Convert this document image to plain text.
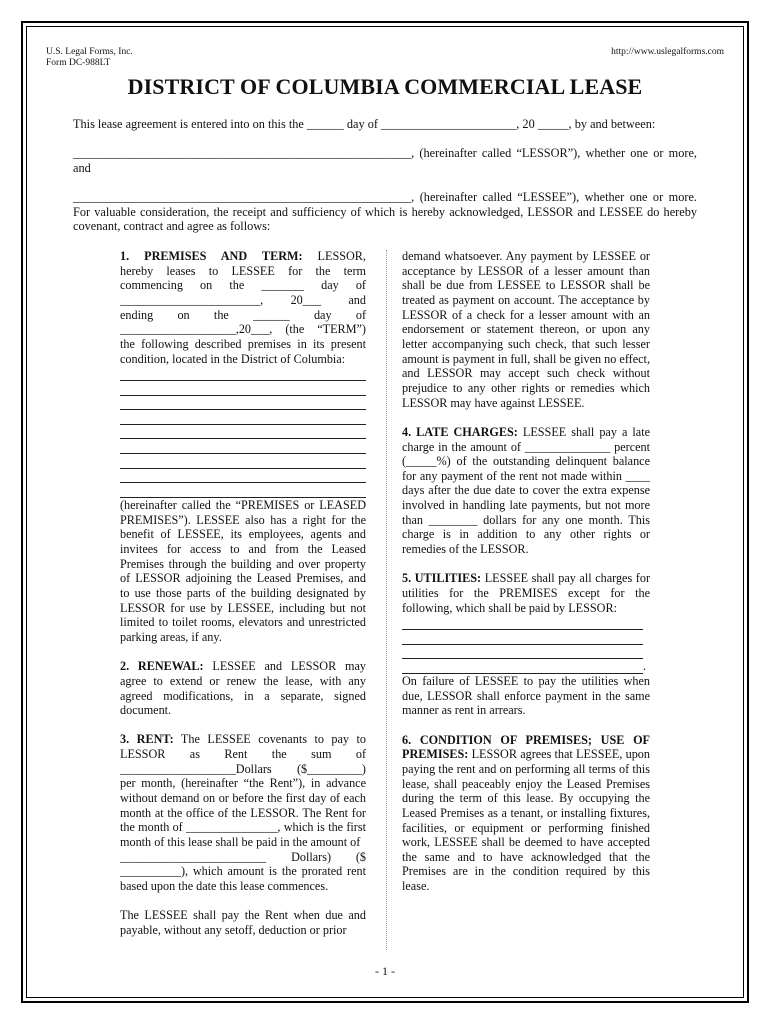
U.S. Legal Forms, Inc.
Form DC-988LT
http://www.uslegalforms.com
DISTRICT OF COLUMBIA COMMERCIAL LEASE
This lease agreement is entered into on this the ______ day of ______________________, 20 _____, by and between:
_______________________________________________________, (hereinafter called “LESSOR”), whether one or more, and
_______________________________________________________, (hereinafter called “LESSEE”), whether one or more. For valuable consideration, the receipt and sufficiency of which is hereby acknowledged, LESSOR and LESSEE do hereby covenant, contract and agree as follows:

1. PREMISES AND TERM: LESSOR,

hereby leases to LESSEE for the term

commencing on the _______ day of

_______________________, 20___ and

ending on the ______ day of

___________________,20___, (the “TERM”)

the following described premises in its present

condition, located in the District of Columbia:

(hereinafter called the “PREMISES or LEASED PREMISES”). LESSEE also has a right for the benefit of LESSEE, its employees, agents and invitees for access to and from the Leased Premises through the building and over property of LESSOR adjoining the Leased Premises, and to use those parts of the building designated by LESSOR for use by LESSEE, including but not limited to toilet rooms, elevators and unrestricted parking areas, if any.

2. RENEWAL: LESSEE and LESSOR may agree to extend or renew the lease, with any agreed modifications, in a separate, signed document.

3. RENT: The LESSEE covenants to pay to

LESSOR as Rent the sum of

___________________Dollars ($_________)

per month, (hereinafter “the Rent”), in advance without demand on or before the first day of each month at the office of the LESSOR. The Rent for the month of _______________, which is the first month of this lease shall be paid in the amount of

________________________ Dollars) ($

__________), which amount is the prorated rent based upon the date this lease commences.

The LESSEE shall pay the Rent when due and payable, without any setoff, deduction or prior

demand whatsoever. Any payment by LESSEE or acceptance by LESSOR of a lesser amount than shall be due from LESSEE to LESSOR shall be treated as payment on account. The acceptance by LESSOR of a check for a lesser amount with an endorsement or statement thereon, or upon any letter accompanying such check, that such lesser amount is payment in full, shall be given no effect, and LESSOR may accept such check without prejudice to any other rights or remedies which LESSOR may have against LESSEE.

4. LATE CHARGES: LESSEE shall pay a late charge in the amount of ______________ percent (_____%) of the outstanding delinquent balance for any payment of the rent not made within ____ days after the due date to cover the extra expense involved in handling late payments, but not more than ________ dollars for any one month. This charge is in addition to any other rights or remedies of the LESSOR.

5. UTILITIES: LESSEE shall pay all charges for utilities for the PREMISES except for the following, which shall be paid by LESSOR:

.

On failure of LESSEE to pay the utilities when due, LESSOR shall enforce payment in the same manner as rent in arrears.

6. CONDITION OF PREMISES; USE OF PREMISES: LESSOR agrees that LESSEE, upon paying the rent and on performing all terms of this lease, shall peaceably enjoy the Leased Premises during the term of this lease. By occupying the Leased Premises as a tenant, or installing fixtures, facilities, or equipment or performing finished work, LESSEE shall be deemed to have accepted the same and to have acknowledged that the Premises are in the condition required by this lease.

- 1 -
